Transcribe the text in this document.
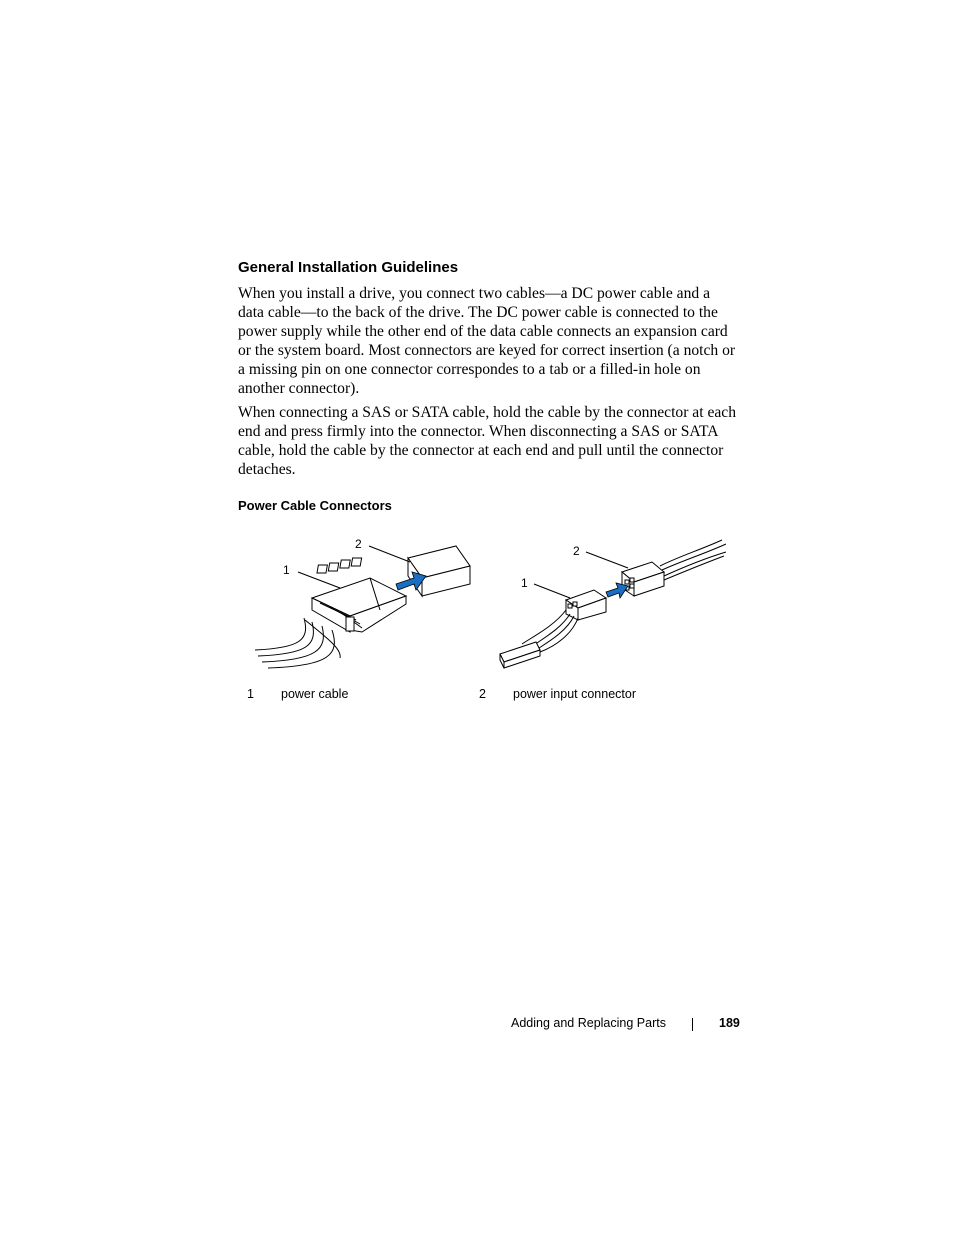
General Installation Guidelines

When you install a drive, you connect two cables—a DC power cable and a data cable—to the back of the drive. The DC power cable is connected to the power supply while the other end of the data cable connects an expansion card or the system board. Most connectors are keyed for correct insertion (a notch or a missing pin on one connector correspondes to a tab or a filled-in hole on another connector).

When connecting a SAS or SATA cable, hold the cable by the connector at each end and press firmly into the connector. When disconnecting a SAS or SATA cable, hold the cable by the connector at each end and pull until the connector detaches.

Power Cable Connectors
2
1
2
1
1 power cable	2 power input connector
Adding and Replacing Parts	189
